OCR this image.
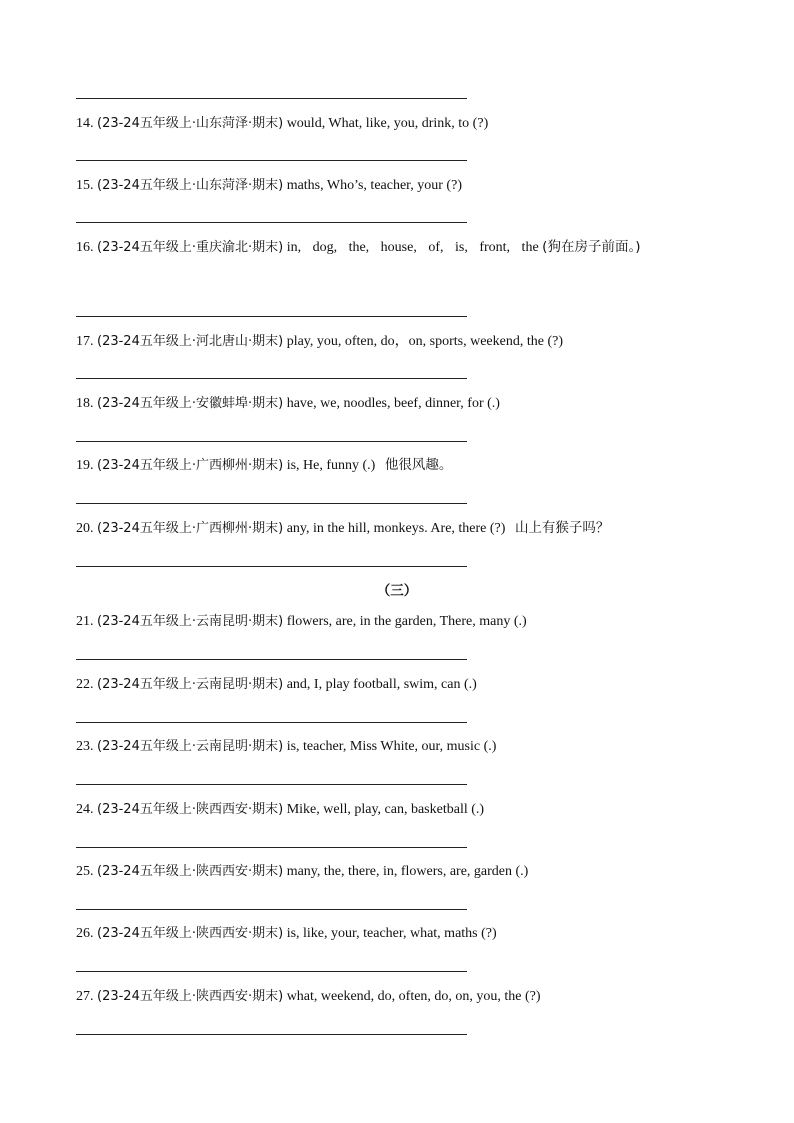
14. (23-24五年级上·山东菏泽·期末) would, What, like, you, drink, to (?)
15. (23-24五年级上·山东菏泽·期末) maths, Who’s, teacher, your (?)
16. (23-24五年级上·重庆渝北·期末) in, dog, the, house, of, is, front, the (狗在房子前面。)
17. (23-24五年级上·河北唐山·期末) play, you, often, do，on, sports, weekend, the (?)
18. (23-24五年级上·安徽蚌埠·期末) have, we, noodles, beef, dinner, for (.)
19. (23-24五年级上·广西柳州·期末) is, He, funny (.) 他很风趣。
20. (23-24五年级上·广西柳州·期末) any, in the hill, monkeys. Are, there (?) 山上有猴子吗？
（三）
21. (23-24五年级上·云南昆明·期末) flowers, are, in the garden, There, many (.)
22. (23-24五年级上·云南昆明·期末) and, I, play football, swim, can (.)
23. (23-24五年级上·云南昆明·期末) is, teacher, Miss White, our, music (.)
24. (23-24五年级上·陕西西安·期末) Mike, well, play, can, basketball (.)
25. (23-24五年级上·陕西西安·期末) many, the, there, in, flowers, are, garden (.)
26. (23-24五年级上·陕西西安·期末) is, like, your, teacher, what, maths (?)
27. (23-24五年级上·陕西西安·期末) what, weekend, do, often, do, on, you, the (?)
